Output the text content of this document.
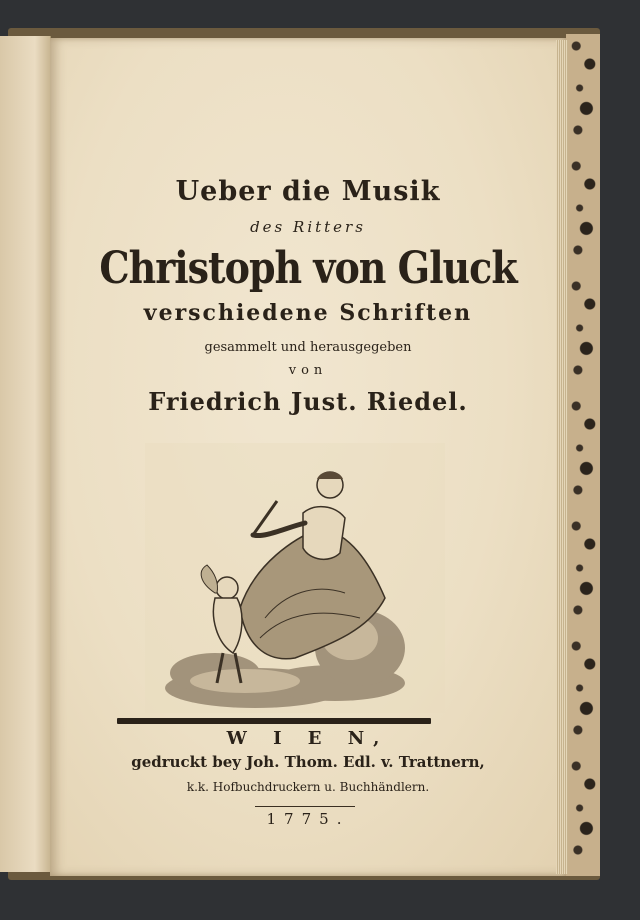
Ueber die Musik
des Ritters
Christoph von Gluck
verschiedene Schriften
gesammelt und herausgegeben
von
Friedrich Just. Riedel.
W I E N,
gedruckt bey Joh. Thom. Edl. v. Trattnern,
k.k. Hofbuchdruckern u. Buchhändlern.
1775.
